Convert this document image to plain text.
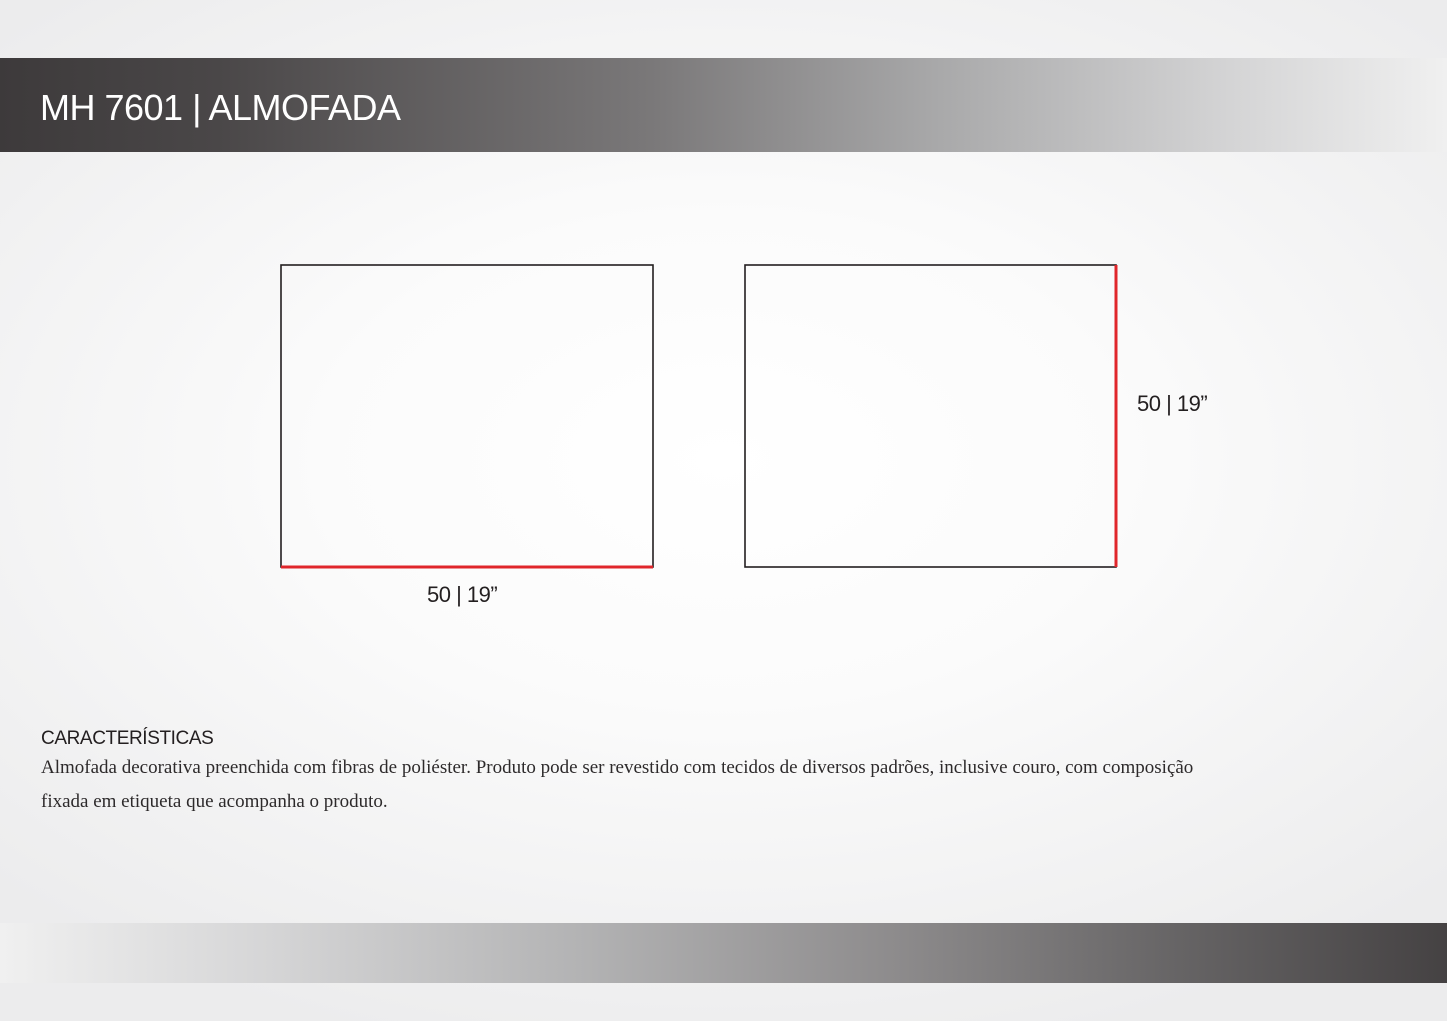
MH 7601 | ALMOFADA
50 | 19”
50 | 19”
CARACTERÍSTICAS

Almofada decorativa preenchida com fibras de poliéster. Produto pode ser revestido com tecidos de diversos padrões, inclusive couro, com composição fixada em etiqueta que acompanha o produto.
